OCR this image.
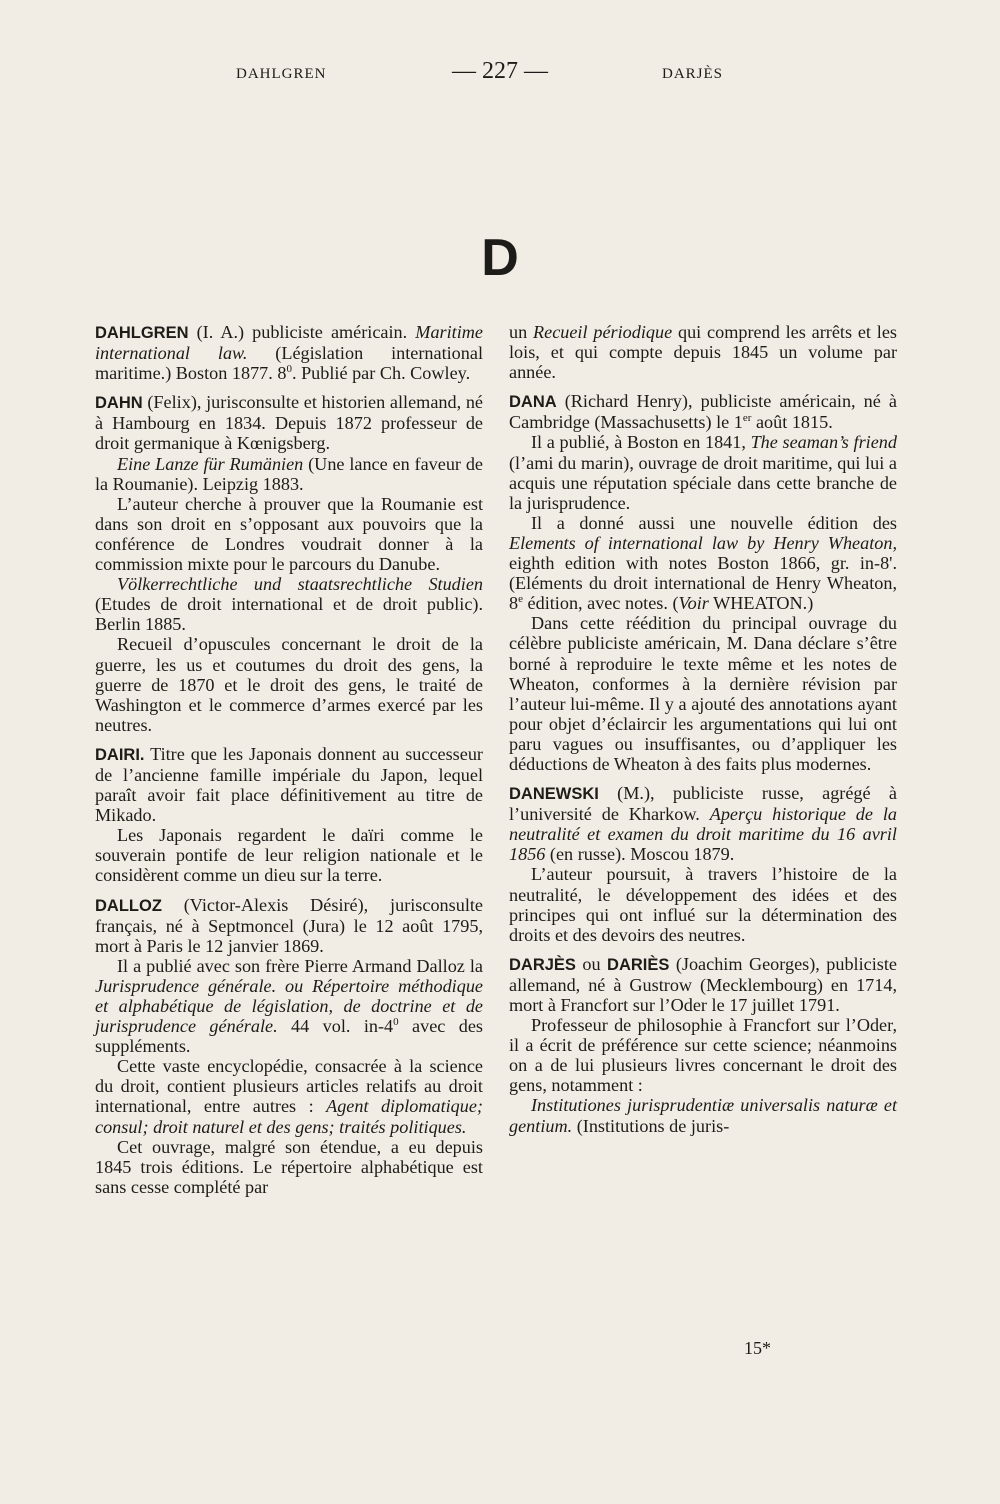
DAHLGREN	— 227 —	DARJÈS
D

DAHLGREN (I. A.) publiciste américain. Maritime international law. (Législation international maritime.) Boston 1877. $8^0$. Publié par Ch. Cowley.

DAHN (Felix), jurisconsulte et historien allemand, né à Hambourg en 1834. Depuis 1872 professeur de droit germanique à Kœnigsberg.

Eine Lanze für Rumänien (Une lance en faveur de la Roumanie). Leipzig 1883.

L’auteur cherche à prouver que la Roumanie est dans son droit en s’opposant aux pouvoirs que la conférence de Londres voudrait donner à la commission mixte pour le parcours du Danube.

Völkerrechtliche und staatsrechtliche Studien (Etudes de droit international et de droit public). Berlin 1885.

Recueil d’opuscules concernant le droit de la guerre, les us et coutumes du droit des gens, la guerre de 1870 et le droit des gens, le traité de Washington et le commerce d’armes exercé par les neutres.

DAIRI. Titre que les Japonais donnent au successeur de l’ancienne famille impériale du Japon, lequel paraît avoir fait place définitivement au titre de Mikado.

Les Japonais regardent le daïri comme le souverain pontife de leur religion nationale et le considèrent comme un dieu sur la terre.

DALLOZ (Victor-Alexis Désiré), jurisconsulte français, né à Septmoncel (Jura) le 12 août 1795, mort à Paris le 12 janvier 1869.

Il a publié avec son frère Pierre Armand Dalloz la Jurisprudence générale. ou Répertoire méthodique et alphabétique de législation, de doctrine et de jurisprudence générale. 44 vol. $in-4^0$ avec des suppléments.

Cette vaste encyclopédie, consacrée à la science du droit, contient plusieurs articles relatifs au droit international, entre autres : Agent diplomatique; consul; droit naturel et des gens; traités politiques.

Cet ouvrage, malgré son étendue, a eu depuis 1845 trois éditions. Le répertoire alphabétique est sans cesse complété par

un Recueil périodique qui comprend les arrêts et les lois, et qui compte depuis 1845 un volume par année.

DANA (Richard Henry), publiciste américain, né à Cambridge (Massachusetts) le 1er août 1815.

Il a publié, à Boston en 1841, The seaman’s friend (l’ami du marin), ouvrage de droit maritime, qui lui a acquis une réputation spéciale dans cette branche de la jurisprudence.

Il a donné aussi une nouvelle édition des Elements of international law by Henry Wheaton, eighth edition with notes Boston 1866, gr. in-8'. (Eléments du droit international de Henry Wheaton, 8e édition, avec notes. (Voir WHEATON.)

Dans cette réédition du principal ouvrage du célèbre publiciste américain, M. Dana déclare s’être borné à reproduire le texte même et les notes de Wheaton, conformes à la dernière révision par l’auteur lui-même. Il y a ajouté des annotations ayant pour objet d’éclaircir les argumentations qui lui ont paru vagues ou insuffisantes, ou d’appliquer les déductions de Wheaton à des faits plus modernes.

DANEWSKI (M.), publiciste russe, agrégé à l’université de Kharkow. Aperçu historique de la neutralité et examen du droit maritime du 16 avril 1856 (en russe). Moscou 1879.

L’auteur poursuit, à travers l’histoire de la neutralité, le développement des idées et des principes qui ont influé sur la détermination des droits et des devoirs des neutres.

DARJÈS ou DARIÈS (Joachim Georges), publiciste allemand, né à Gustrow (Mecklembourg) en 1714, mort à Francfort sur l’Oder le 17 juillet 1791.

Professeur de philosophie à Francfort sur l’Oder, il a écrit de préférence sur cette science; néanmoins on a de lui plusieurs livres concernant le droit des gens, notamment :

Institutiones jurisprudentiæ universalis naturæ et gentium. (Institutions de juris-

15*
